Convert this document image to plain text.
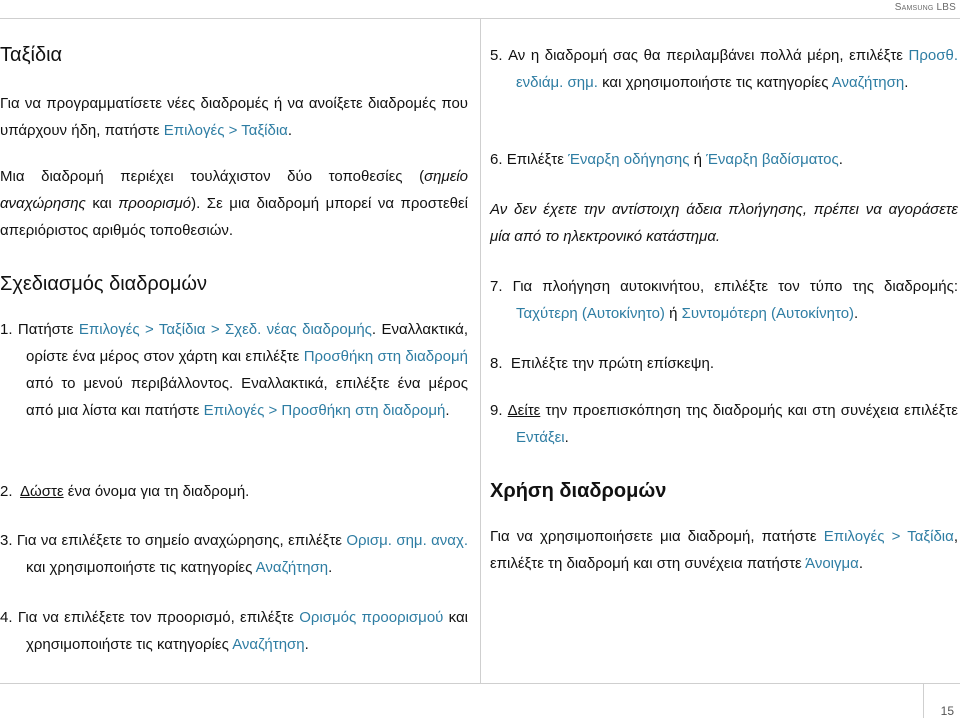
Samsung LBS
15
Ταξίδια
Για να προγραμματίσετε νέες διαδρομές ή να ανοίξετε διαδρομές που υπάρχουν ήδη, πατήστε Επιλογές > Ταξίδια.
Μια διαδρομή περιέχει τουλάχιστον δύο τοποθεσίες (σημείο αναχώρησης και προορισμό). Σε μια διαδρομή μπορεί να προστεθεί απεριόριστος αριθμός τοποθεσιών.
Σχεδιασμός διαδρομών
1. Πατήστε Επιλογές > Ταξίδια > Σχεδ. νέας διαδρομής. Εναλλακτικά, ορίστε ένα μέρος στον χάρτη και επιλέξτε Προσθήκη στη διαδρομή από το μενού περιβάλλοντος. Εναλλακτικά, επιλέξτε ένα μέρος από μια λίστα και πατήστε Επιλογές > Προσθήκη στη διαδρομή.
2. Δώστε ένα όνομα για τη διαδρομή.
3. Για να επιλέξετε το σημείο αναχώρησης, επιλέξτε Ορισμ. σημ. αναχ. και χρησιμοποιήστε τις κατηγορίες Αναζήτηση.
4. Για να επιλέξετε τον προορισμό, επιλέξτε Ορισμός προορισμού και χρησιμοποιήστε τις κατηγορίες Αναζήτηση.
5. Αν η διαδρομή σας θα περιλαμβάνει πολλά μέρη, επιλέξτε Προσθ. ενδιάμ. σημ. και χρησιμοποιήστε τις κατηγορίες Αναζήτηση.
6. Επιλέξτε Έναρξη οδήγησης ή Έναρξη βαδίσματος.
Αν δεν έχετε την αντίστοιχη άδεια πλοήγησης, πρέπει να αγοράσετε μία από το ηλεκτρονικό κατάστημα.
7. Για πλοήγηση αυτοκινήτου, επιλέξτε τον τύπο της διαδρομής: Ταχύτερη (Αυτοκίνητο) ή Συντομότερη (Αυτοκίνητο).
8. Επιλέξτε την πρώτη επίσκεψη.
9. Δείτε την προεπισκόπηση της διαδρομής και στη συνέχεια επιλέξτε Εντάξει.
Χρήση διαδρομών
Για να χρησιμοποιήσετε μια διαδρομή, πατήστε Επιλογές > Ταξίδια, επιλέξτε τη διαδρομή και στη συνέχεια πατήστε Άνοιγμα.
